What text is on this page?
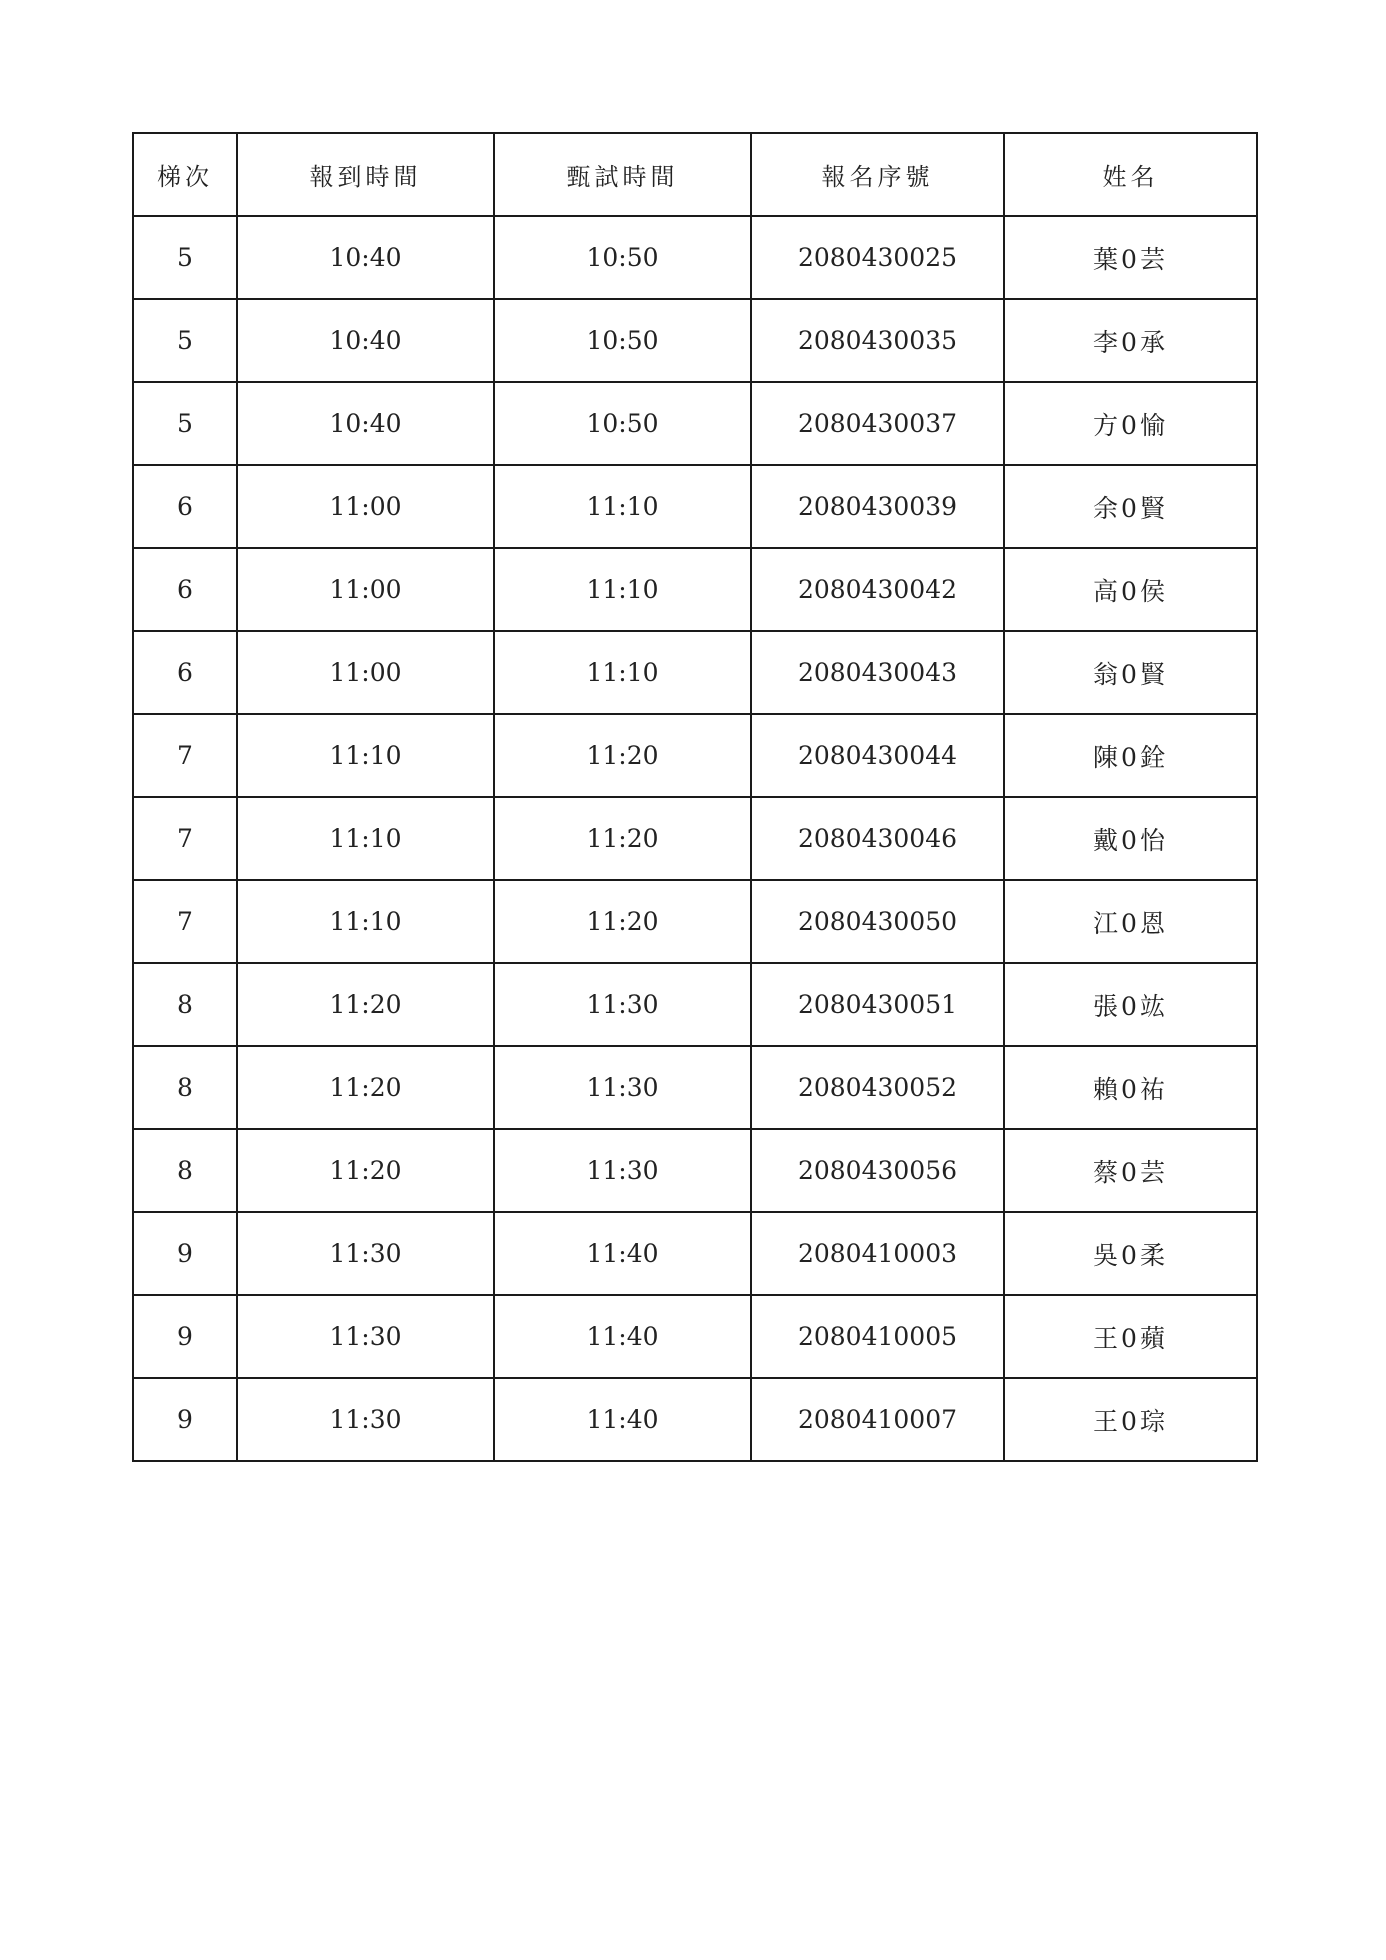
梯次	報到時間	甄試時間	報名序號	姓名
5	10:40	10:50	2080430025	葉0芸
5	10:40	10:50	2080430035	李0承
5	10:40	10:50	2080430037	方0愉
6	11:00	11:10	2080430039	余0賢
6	11:00	11:10	2080430042	高0侯
6	11:00	11:10	2080430043	翁0賢
7	11:10	11:20	2080430044	陳0銓
7	11:10	11:20	2080430046	戴0怡
7	11:10	11:20	2080430050	江0恩
8	11:20	11:30	2080430051	張0竑
8	11:20	11:30	2080430052	賴0祐
8	11:20	11:30	2080430056	蔡0芸
9	11:30	11:40	2080410003	吳0柔
9	11:30	11:40	2080410005	王0蘋
9	11:30	11:40	2080410007	王0琮
